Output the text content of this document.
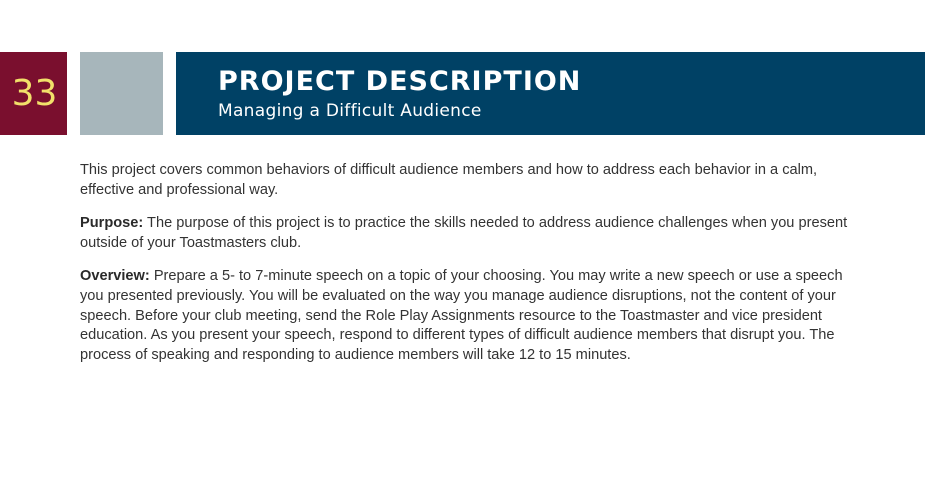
33	PROJECT DESCRIPTION
Managing a Difficult Audience

This project covers common behaviors of difficult audience members and how to address each behavior in a calm, effective and professional way.

Purpose: The purpose of this project is to practice the skills needed to address audience challenges when you present outside of your Toastmasters club.

Overview: Prepare a 5- to 7-minute speech on a topic of your choosing. You may write a new speech or use a speech you presented previously. You will be evaluated on the way you manage audience disruptions, not the content of your speech. Before your club meeting, send the Role Play Assignments resource to the Toastmaster and vice president education. As you present your speech, respond to different types of difficult audience members that disrupt you. The process of speaking and responding to audience members will take 12 to 15 minutes.
